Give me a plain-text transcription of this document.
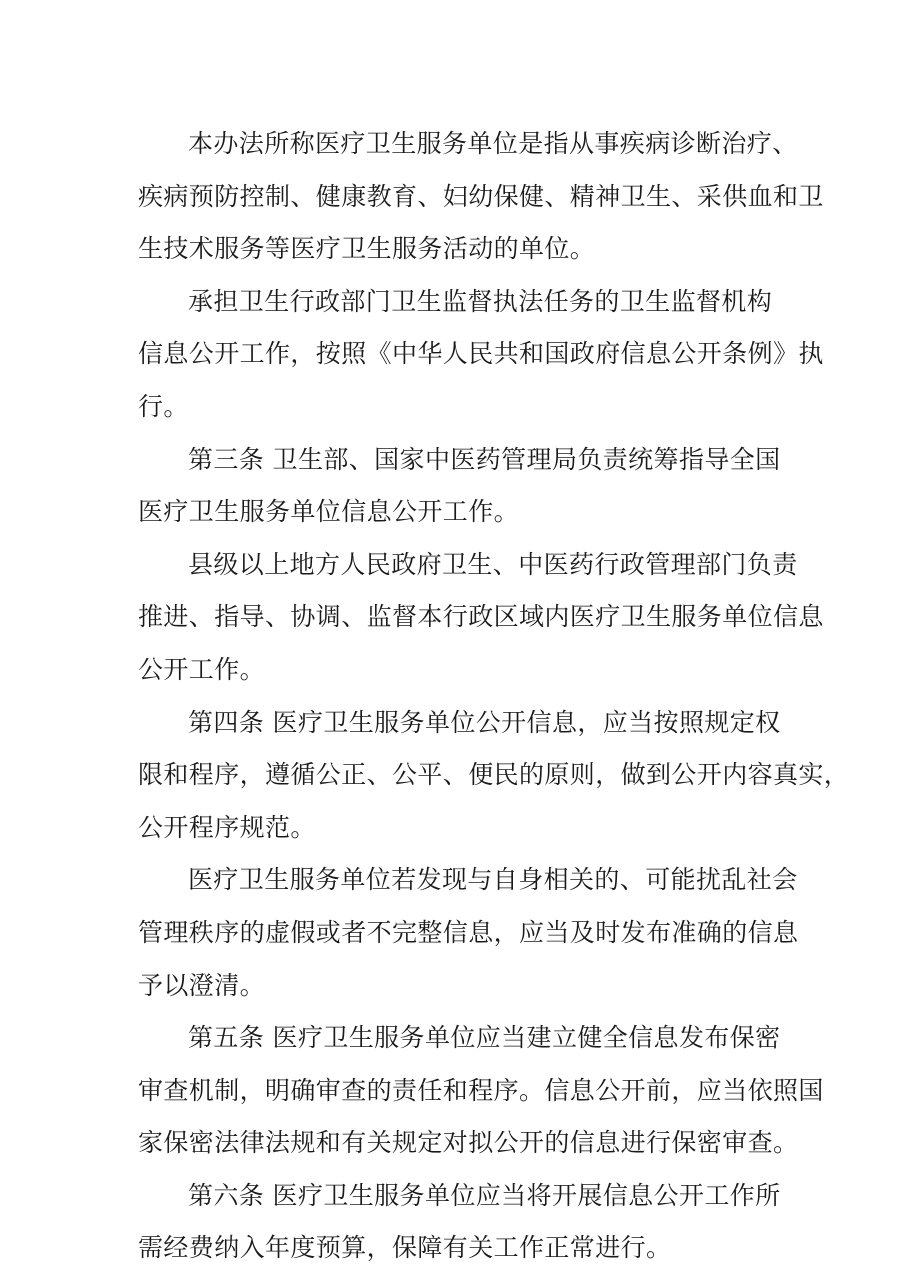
本办法所称医疗卫生服务单位是指从事疾病诊断治疗、
疾病预防控制、健康教育、妇幼保健、精神卫生、采供血和卫
生技术服务等医疗卫生服务活动的单位。
承担卫生行政部门卫生监督执法任务的卫生监督机构
信息公开工作，按照《中华人民共和国政府信息公开条例》执
行。
第三条 卫生部、国家中医药管理局负责统筹指导全国
医疗卫生服务单位信息公开工作。
县级以上地方人民政府卫生、中医药行政管理部门负责
推进、指导、协调、监督本行政区域内医疗卫生服务单位信息
公开工作。
第四条 医疗卫生服务单位公开信息，应当按照规定权
限和程序，遵循公正、公平、便民的原则，做到公开内容真实，
公开程序规范。
医疗卫生服务单位若发现与自身相关的、可能扰乱社会
管理秩序的虚假或者不完整信息，应当及时发布准确的信息
予以澄清。
第五条 医疗卫生服务单位应当建立健全信息发布保密
审查机制，明确审查的责任和程序。信息公开前，应当依照国
家保密法律法规和有关规定对拟公开的信息进行保密审查。
第六条 医疗卫生服务单位应当将开展信息公开工作所
需经费纳入年度预算，保障有关工作正常进行。
